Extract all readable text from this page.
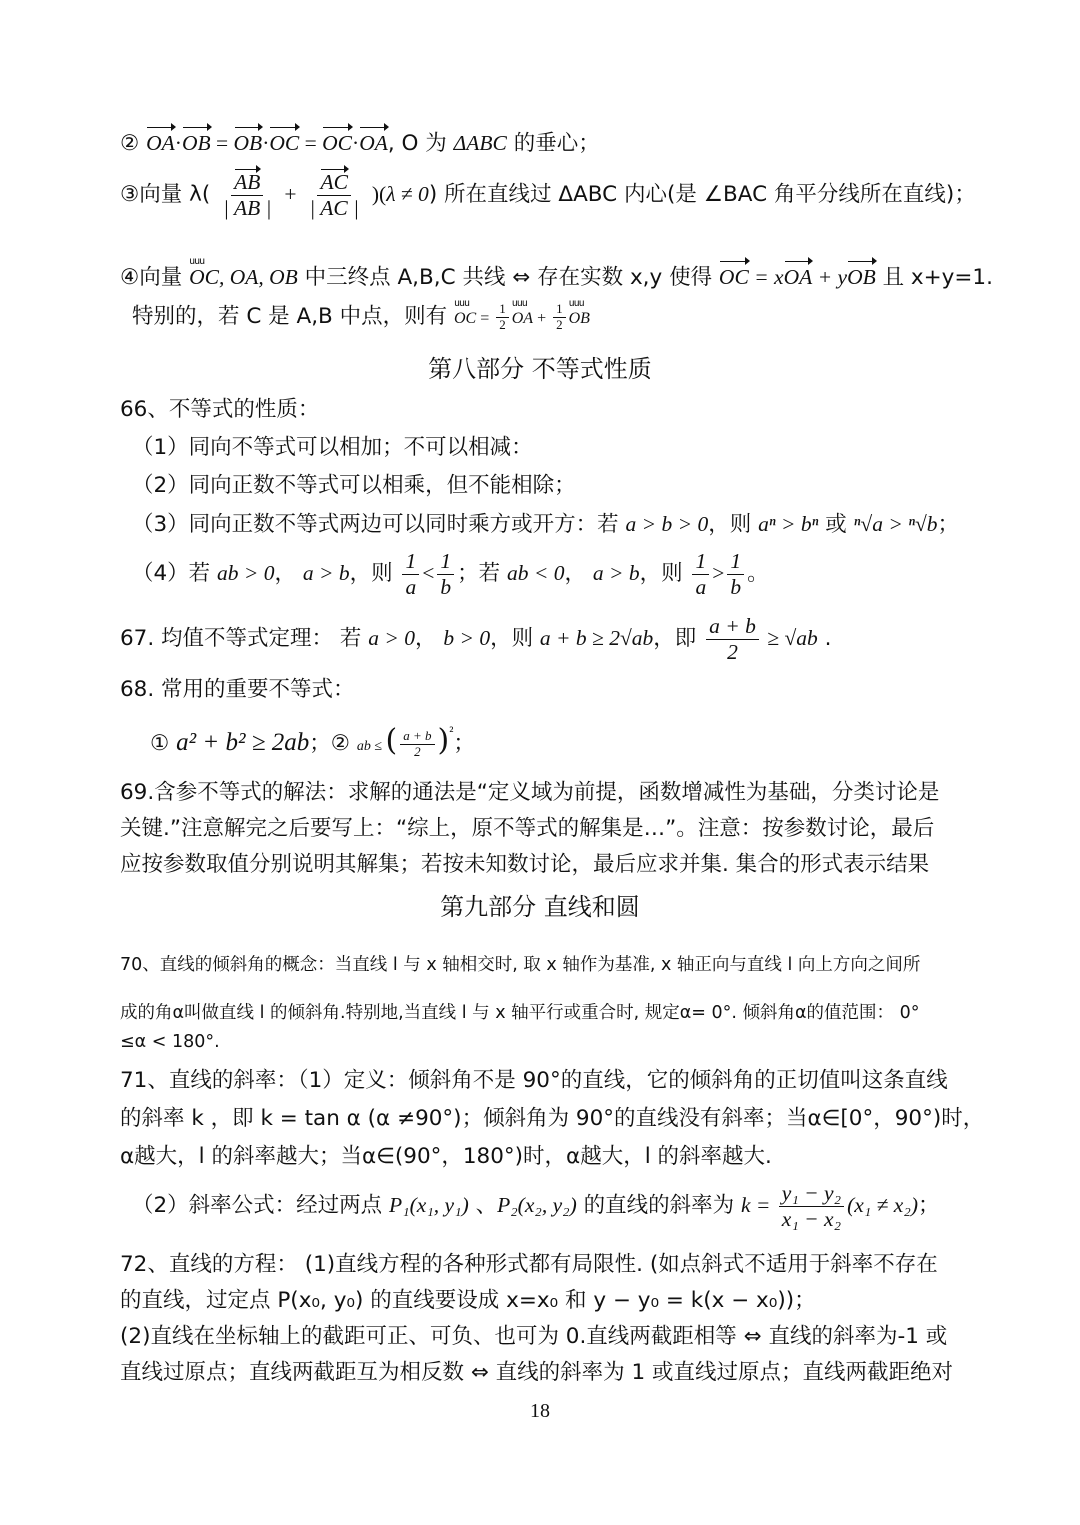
② OA·OB = OB·OC = OC·OA, O 为 ΔABC 的垂心；
③向量 $\lambda( \frac{AB}{| AB |} + \frac{AC}{| AC |} )(\lambda \ne 0)$ 所在直线过 ΔABC 内心(是 ∠BAC 角平分线所在直线)；
④向量 uuu OC, OA, OB 中三终点 A,B,C 共线 ⇔ 存在实数 x,y 使得 OC = xOA + yOB 且 x+y=1.
特别的，若 C 是 A,B 中点，则有 uuu OC = $\frac{1}{2}$ uuu OA + $\frac{1}{2}$ uuu OB
第八部分 不等式性质
66、不等式的性质：
（1）同向不等式可以相加；不可以相减：
（2）同向正数不等式可以相乘，但不能相除；
（3）同向正数不等式两边可以同时乘方或开方：若 a > b > 0，则 aⁿ > bⁿ 或 ⁿ√a > ⁿ√b；
（4）若 ab > 0， a > b，则 $\frac{1}{a} < \frac{1}{b}$ ；若 ab < 0， a > b，则 $\frac{1}{a} > \frac{1}{b}$ 。
67. 均值不等式定理： 若 a > 0， b > 0，则 a + b ≥ 2√ab，即 $\frac{a + b}{2} \ge √ab$ .
68. 常用的重要不等式：
① a² + b² ≥ 2ab；② ab ≤ ( $\frac{a + b}{2} )^{^2}$；
69.含参不等式的解法：求解的通法是“定义域为前提，函数增减性为基础，分类讨论是
关键.”注意解完之后要写上：“综上，原不等式的解集是…”。注意：按参数讨论，最后
应按参数取值分别说明其解集；若按未知数讨论，最后应求并集. 集合的形式表示结果
第九部分 直线和圆
70、直线的倾斜角的概念：当直线 l 与 x 轴相交时, 取 x 轴作为基准, x 轴正向与直线 l 向上方向之间所
成的角α叫做直线 l 的倾斜角.特别地,当直线 l 与 x 轴平行或重合时, 规定α= 0°. 倾斜角α的值范围： 0°
≤α < 180°.
71、直线的斜率：（1）定义：倾斜角不是 90°的直线，它的倾斜角的正切值叫这条直线
的斜率 k ，即 k = tan α (α ≠90°)；倾斜角为 90°的直线没有斜率；当α∈[0°，90°)时，
α越大，l 的斜率越大；当α∈(90°，180°)时，α越大，l 的斜率越大.
（2）斜率公式：经过两点 P₁(x₁, y₁) 、P₂(x₂, y₂) 的直线的斜率为 $k = \frac{\text{y₁ − y₂}}{\text{x₁ − x₂}} (x_1 \ne x_2)$；
72、直线的方程： (1)直线方程的各种形式都有局限性. (如点斜式不适用于斜率不存在
的直线，过定点 P(x₀, y₀) 的直线要设成 x=x₀ 和 y − y₀ = k(x − x₀))；
(2)直线在坐标轴上的截距可正、可负、也可为 0.直线两截距相等 ⇔ 直线的斜率为-1 或
直线过原点；直线两截距互为相反数 ⇔ 直线的斜率为 1 或直线过原点；直线两截距绝对
18
